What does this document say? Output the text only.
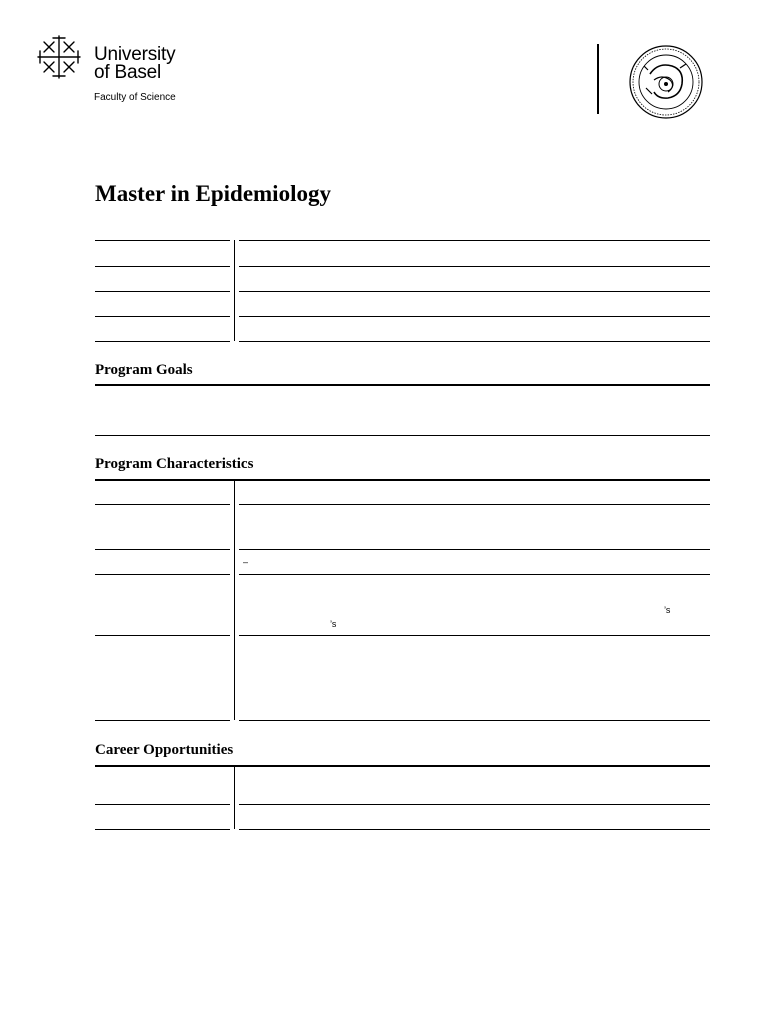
University
of Basel
Faculty of Science
Master in Epidemiology
Program Goals
Program Characteristics
–
’s
’s
Career Opportunities
